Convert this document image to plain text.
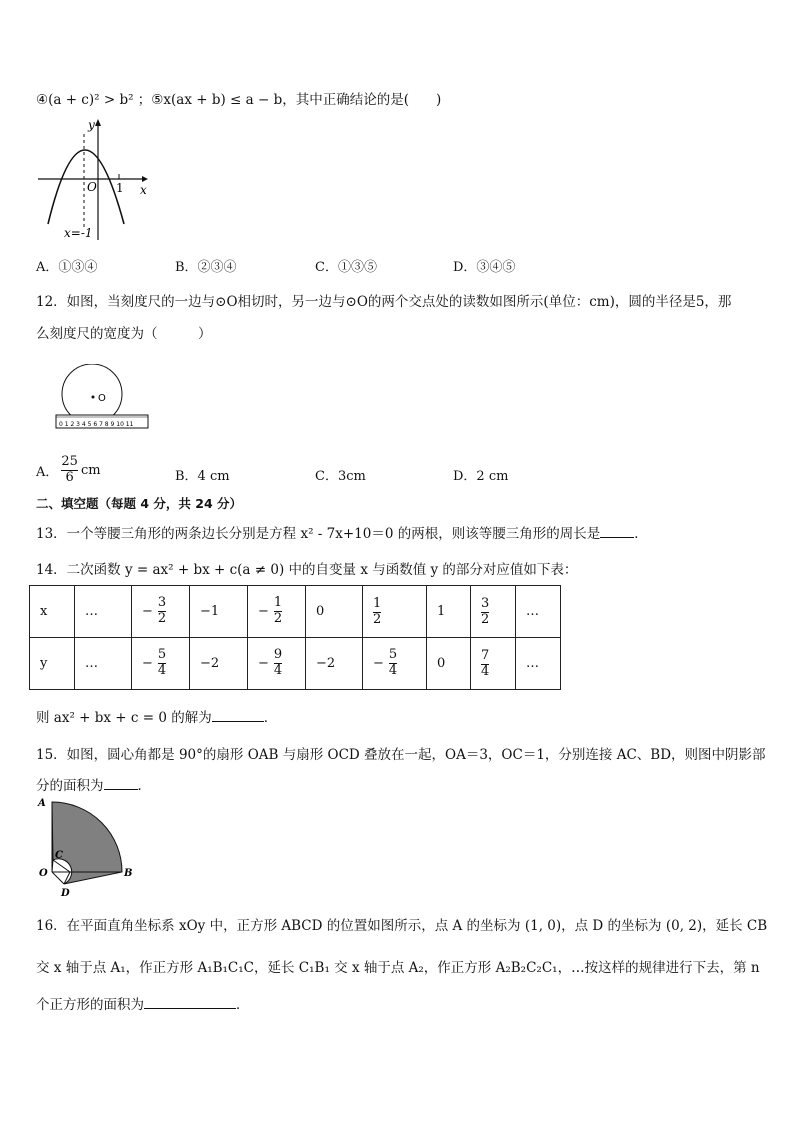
④(a + c)² > b² ；⑤x(ax + b) ≤ a − b，其中正确结论的是(　　)
y
x
O 1
x=-1
A．①③④	B．②③④	C．①③⑤	D．③④⑤
12．如图，当刻度尺的一边与⊙O相切时，另一边与⊙O的两个交点处的读数如图所示(单位：cm)，圆的半径是5，那
么刻度尺的宽度为（　　　）
O
0 1 2 3 4 5 6 7 8 9 10 11
A． $\frac{25}{6}$ cm	B．4 cm	C．3cm	D．2 cm
二、填空题（每题 4 分，共 24 分）
13．一个等腰三角形的两条边长分别是方程 x² - 7x+10＝0 的两根，则该等腰三角形的周长是	．
14．二次函数 y = ax² + bx + c(a ≠ 0) 中的自变量 x 与函数值 y 的部分对应值如下表：
x	…	− $\frac{3}{2}$	−1	− $\frac{1}{2}$	0	$\frac{1}{2}$	1	$\frac{3}{2}$	…
y	…	− $\frac{5}{4}$	−2	− $\frac{9}{4}$	−2	− $\frac{5}{4}$	0	$\frac{7}{4}$	…
则 ax² + bx + c = 0 的解为	．
15．如图，圆心角都是 90°的扇形 OAB 与扇形 OCD 叠放在一起，OA＝3，OC＝1，分别连接 AC、BD，则图中阴影部
分的面积为	．
A
B
C
D
O
16．在平面直角坐标系 xOy 中，正方形 ABCD 的位置如图所示，点 A 的坐标为 (1, 0)，点 D 的坐标为 (0, 2)，延长 CB
交 x 轴于点 A₁，作正方形 A₁B₁C₁C，延长 C₁B₁ 交 x 轴于点 A₂，作正方形 A₂B₂C₂C₁，…按这样的规律进行下去，第 n
个正方形的面积为	．
